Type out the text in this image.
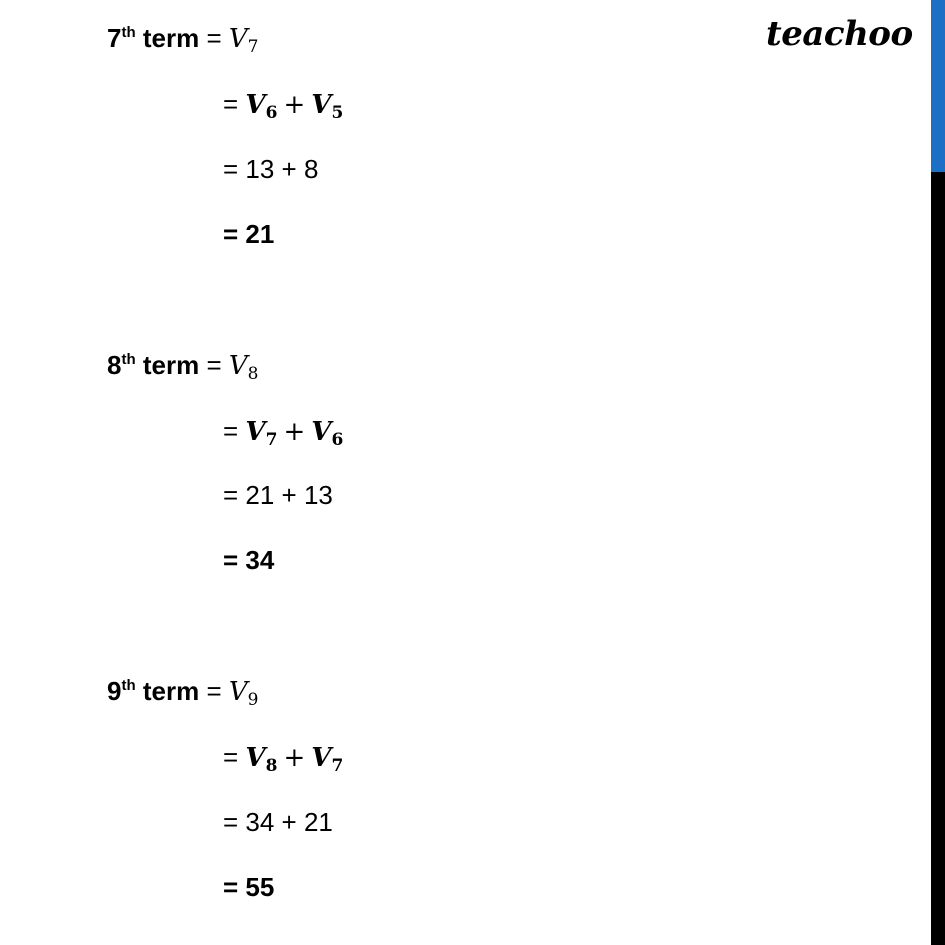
teachoo
7th term = $V_7$
= $V_6 + V_5$
= 13 + 8
= 21
8th term = $V_8$
= $V_7 + V_6$
= 21 + 13
= 34
9th term = $V_9$
= $V_8 + V_7$
= 34 + 21
= 55
